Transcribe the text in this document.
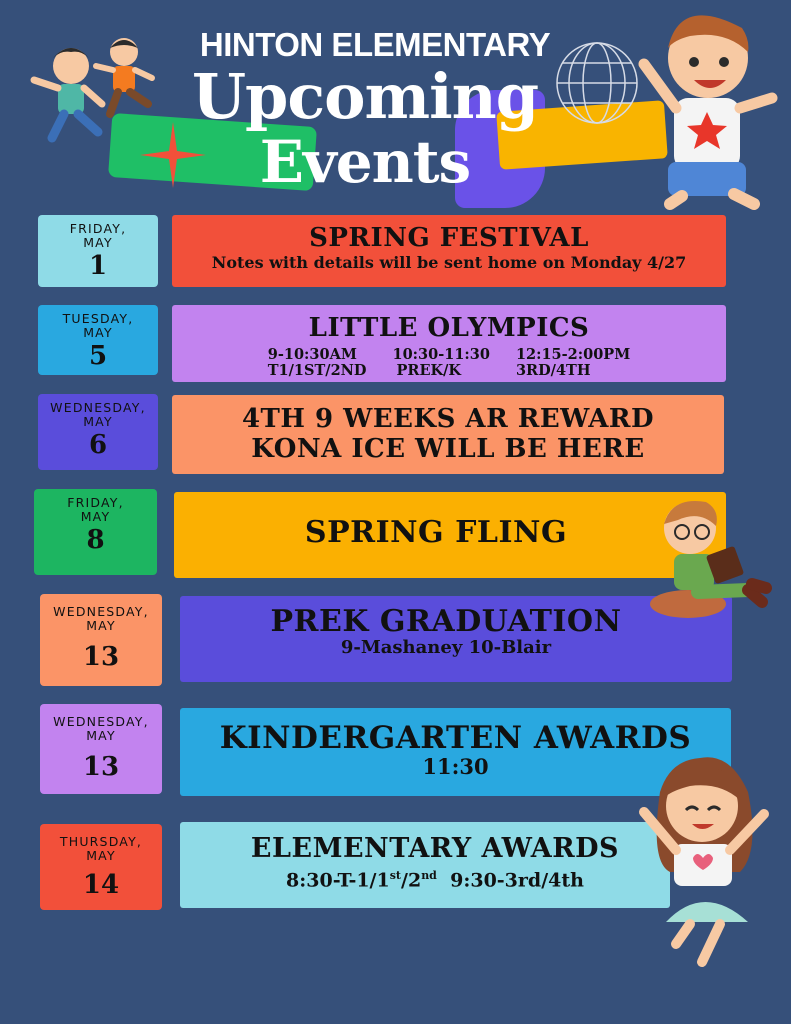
HINTON ELEMENTARY
Upcoming
Events
FRIDAY,
MAY
1
SPRING FESTIVAL
Notes with details will be sent home on Monday 4/27
TUESDAY,
MAY
5
LITTLE OLYMPICS
9-10:30AM
T1/1ST/2ND
10:30-11:30
PREK/K
12:15-2:00PM
3RD/4TH
WEDNESDAY,
MAY
6
4TH 9 WEEKS AR REWARD
KONA ICE WILL BE HERE
FRIDAY,
MAY
8	SPRING FLING
WEDNESDAY,
MAY
13
PREK GRADUATION
9-Mashaney 10-Blair
WEDNESDAY,
MAY
13
KINDERGARTEN AWARDS
11:30
THURSDAY,
MAY
14
ELEMENTARY AWARDS
8:30-T-1/1st/2nd  9:30-3rd/4th
